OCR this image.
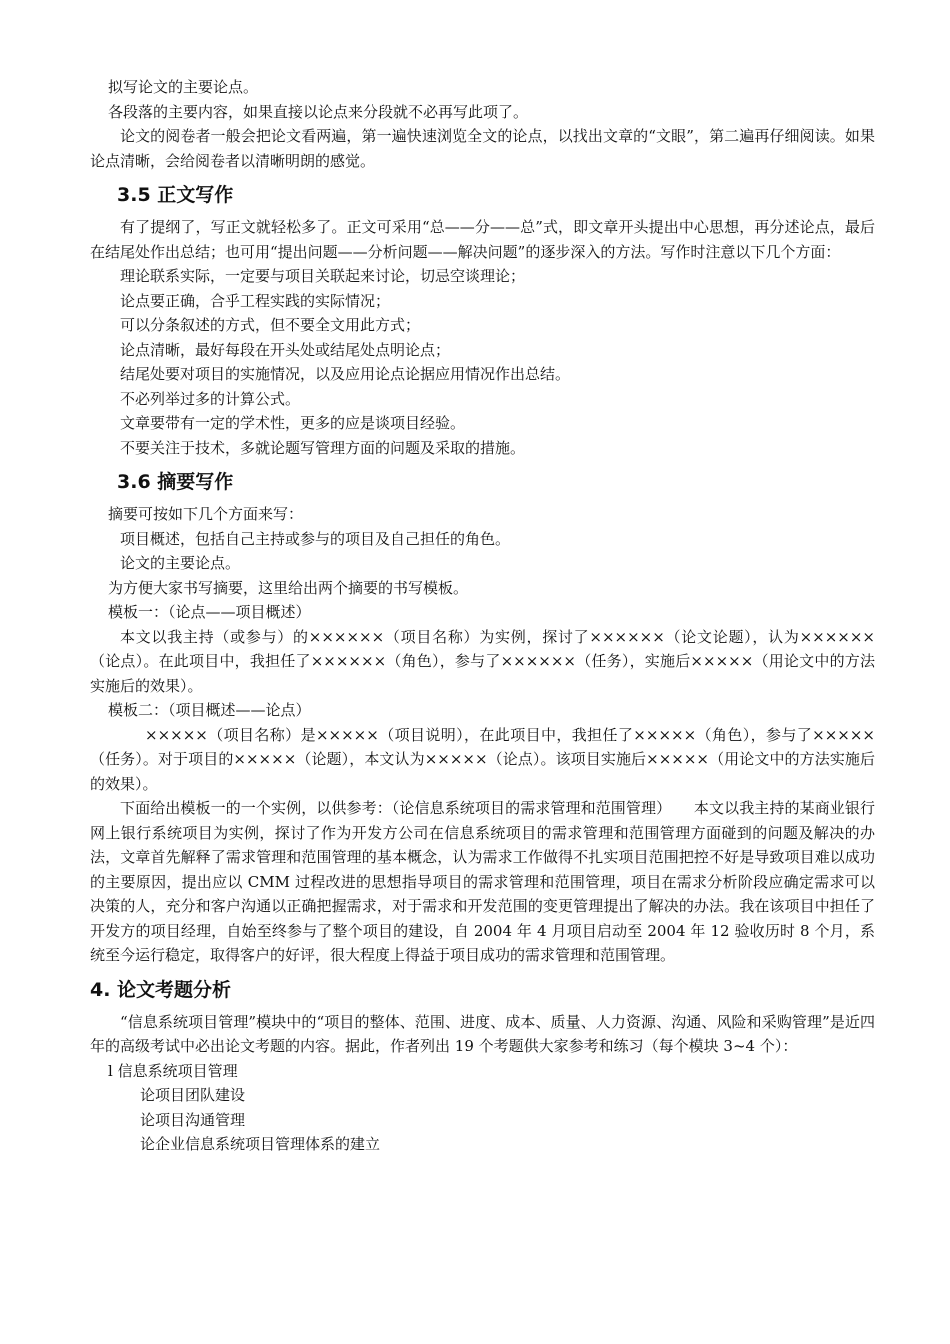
拟写论文的主要论点。

各段落的主要内容，如果直接以论点来分段就不必再写此项了。

论文的阅卷者一般会把论文看两遍，第一遍快速浏览全文的论点，以找出文章的“文眼”，第二遍再仔细阅读。如果论点清晰，会给阅卷者以清晰明朗的感觉。

3.5 正文写作

有了提纲了，写正文就轻松多了。正文可采用“总——分——总”式，即文章开头提出中心思想，再分述论点，最后在结尾处作出总结；也可用“提出问题——分析问题——解决问题”的逐步深入的方法。写作时注意以下几个方面：

理论联系实际，一定要与项目关联起来讨论，切忌空谈理论；

论点要正确，合乎工程实践的实际情况；

可以分条叙述的方式，但不要全文用此方式；

论点清晰，最好每段在开头处或结尾处点明论点；

结尾处要对项目的实施情况，以及应用论点论据应用情况作出总结。

不必列举过多的计算公式。

文章要带有一定的学术性，更多的应是谈项目经验。

不要关注于技术，多就论题写管理方面的问题及采取的措施。

3.6 摘要写作

摘要可按如下几个方面来写：

项目概述，包括自己主持或参与的项目及自己担任的角色。

论文的主要论点。

为方便大家书写摘要，这里给出两个摘要的书写模板。

模板一：（论点——项目概述）

本文以我主持（或参与）的××××××（项目名称）为实例，探讨了××××××（论文论题），认为××××××（论点）。在此项目中，我担任了××××××（角色），参与了××××××（任务），实施后×××××（用论文中的方法实施后的效果）。

模板二：（项目概述——论点）

×××××（项目名称）是×××××（项目说明），在此项目中，我担任了×××××（角色），参与了×××××（任务）。对于项目的×××××（论题），本文认为×××××（论点）。该项目实施后×××××（用论文中的方法实施后的效果）。

下面给出模板一的一个实例，以供参考：（论信息系统项目的需求管理和范围管理）　　本文以我主持的某商业银行网上银行系统项目为实例，探讨了作为开发方公司在信息系统项目的需求管理和范围管理方面碰到的问题及解决的办法，文章首先解释了需求管理和范围管理的基本概念，认为需求工作做得不扎实项目范围把控不好是导致项目难以成功的主要原因，提出应以 CMM 过程改进的思想指导项目的需求管理和范围管理，项目在需求分析阶段应确定需求可以决策的人，充分和客户沟通以正确把握需求，对于需求和开发范围的变更管理提出了解决的办法。我在该项目中担任了开发方的项目经理，自始至终参与了整个项目的建设，自 2004 年 4 月项目启动至 2004 年 12 验收历时 8 个月，系统至今运行稳定，取得客户的好评，很大程度上得益于项目成功的需求管理和范围管理。

4. 论文考题分析

“信息系统项目管理”模块中的“项目的整体、范围、进度、成本、质量、人力资源、沟通、风险和采购管理”是近四年的高级考试中必出论文考题的内容。据此，作者列出 19 个考题供大家参考和练习（每个模块 3~4 个）：

l 信息系统项目管理

论项目团队建设

论项目沟通管理

论企业信息系统项目管理体系的建立
